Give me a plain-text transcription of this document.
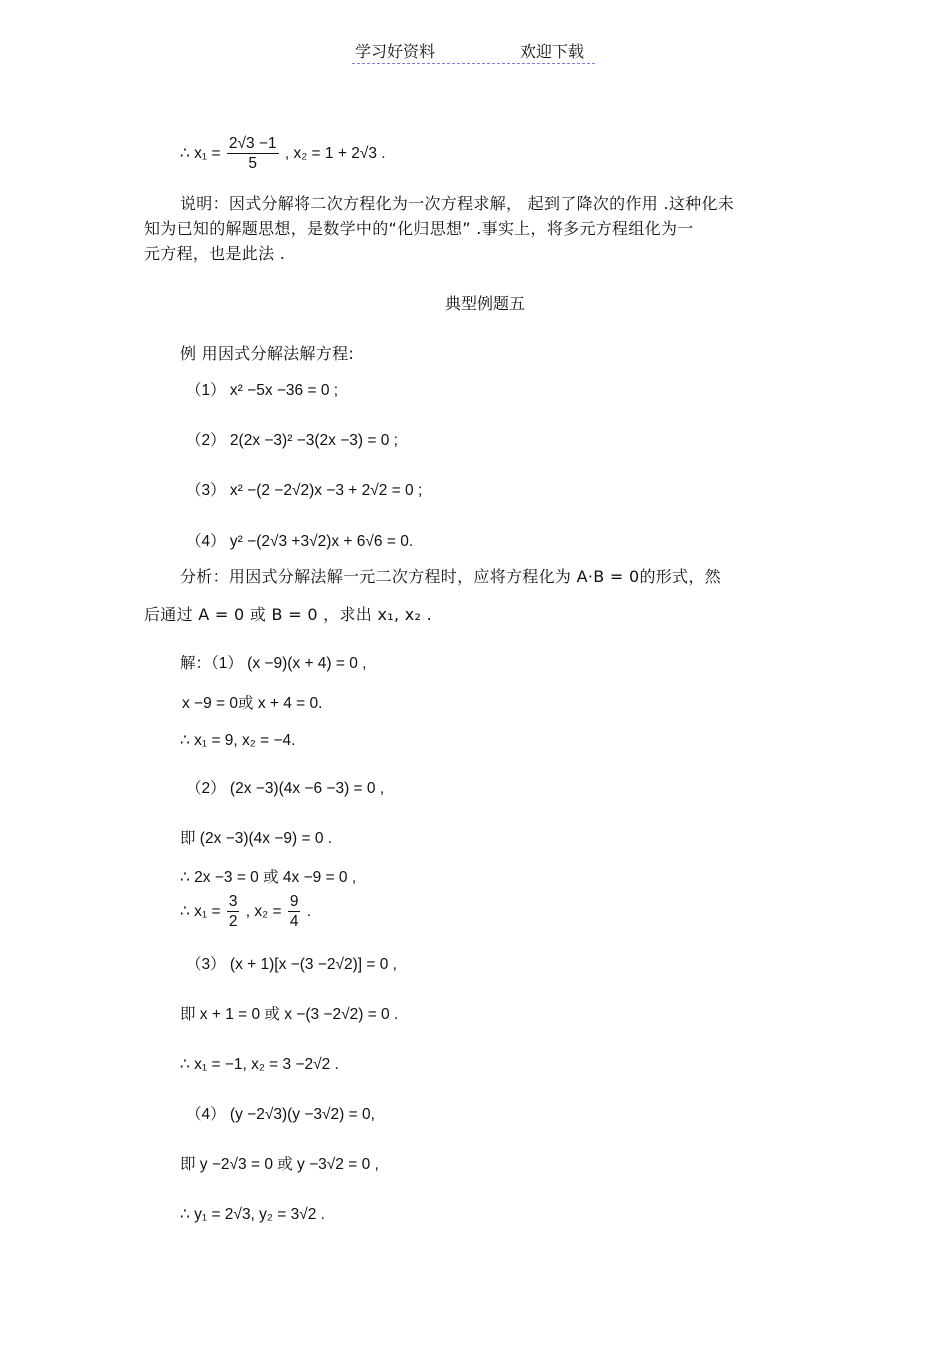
学习好资料	欢迎下载
∴ $x_1 = \frac{2√3 -1}{5}$ , x₂ = 1 + 2√3 .
说明：因式分解将二次方程化为一次方程求解， 起到了降次的作用 .这种化未
知为已知的解题思想，是数学中的“化归思想” .事实上，将多元方程组化为一
元方程，也是此法 .
典型例题五
例 用因式分解法解方程:
（1） x² −5x −36 = 0 ;
（2） 2(2x −3)² −3(2x −3) = 0 ;
（3） x² −(2 −2√2)x −3 + 2√2 = 0 ;
（4） y² −(2√3 +3√2)x + 6√6 = 0.
分析：用因式分解法解一元二次方程时，应将方程化为 A·B = 0的形式，然
后通过 A = 0 或 B = 0 ，求出 x₁, x₂ .
解：（1） (x −9)(x + 4) = 0 ,
x −9 = 0或 x + 4 = 0.
∴ x₁ = 9, x₂ = −4.
（2） (2x −3)(4x −6 −3) = 0 ,
即 (2x −3)(4x −9) = 0 .
∴ 2x −3 = 0 或 4x −9 = 0 ,
∴ $x_1 = \frac{3}{2}$ , $x_2 = \frac{9}{4}$ .
（3） (x + 1)[x −(3 −2√2)] = 0 ,
即 x + 1 = 0 或 x −(3 −2√2) = 0 .
∴ x₁ = −1, x₂ = 3 −2√2 .
（4） (y −2√3)(y −3√2) = 0,
即 y −2√3 = 0 或 y −3√2 = 0 ,
∴ y₁ = 2√3, y₂ = 3√2 .
